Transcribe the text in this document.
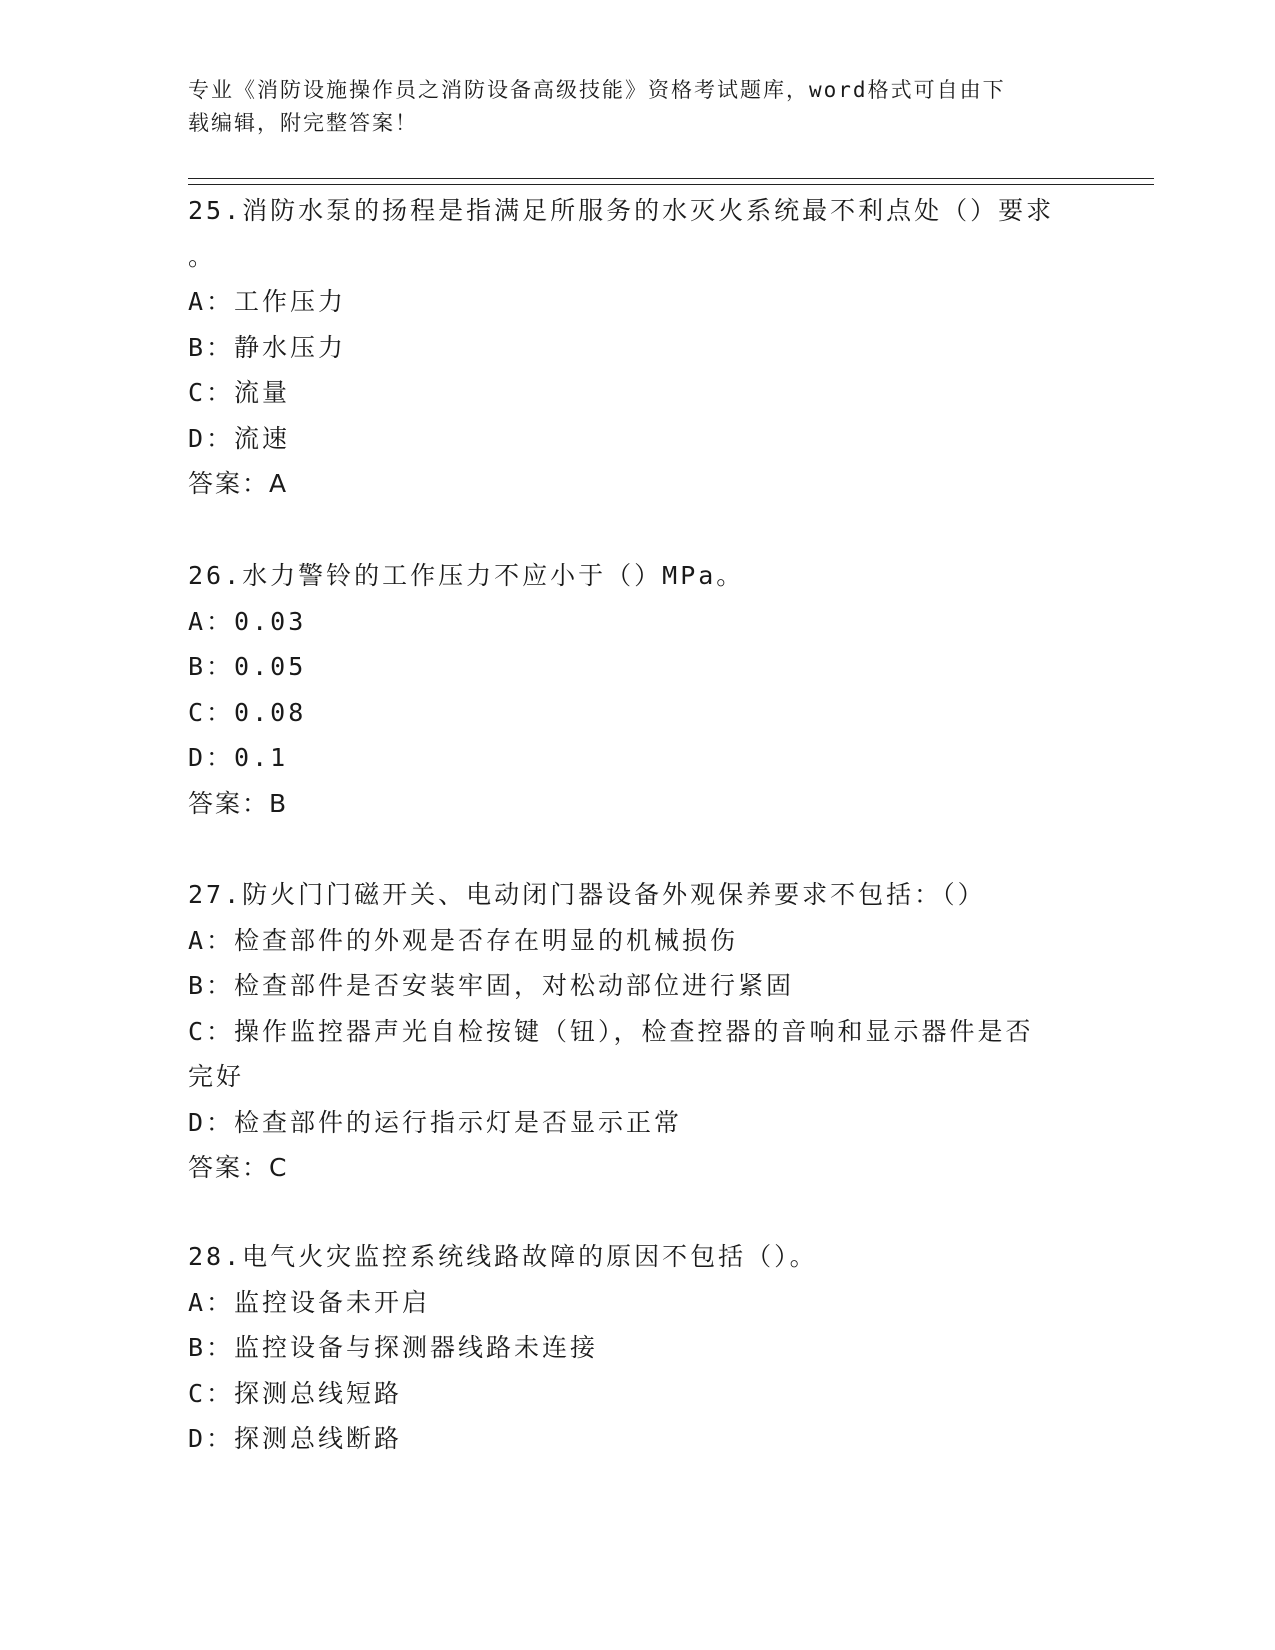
专业《消防设施操作员之消防设备高级技能》资格考试题库，word格式可自由下
载编辑，附完整答案！

25.消防水泵的扬程是指满足所服务的水灭火系统最不利点处（）要求

。

A：工作压力

B：静水压力

C：流量

D：流速

答案：A

26.水力警铃的工作压力不应小于（）MPa。

A：0.03

B：0.05

C：0.08

D：0.1

答案：B

27.防火门门磁开关、电动闭门器设备外观保养要求不包括：（）

A：检查部件的外观是否存在明显的机械损伤

B：检查部件是否安装牢固，对松动部位进行紧固

C：操作监控器声光自检按键（钮），检查控器的音响和显示器件是否

完好

D：检查部件的运行指示灯是否显示正常

答案：C

28.电气火灾监控系统线路故障的原因不包括（）。

A：监控设备未开启

B：监控设备与探测器线路未连接

C：探测总线短路

D：探测总线断路
